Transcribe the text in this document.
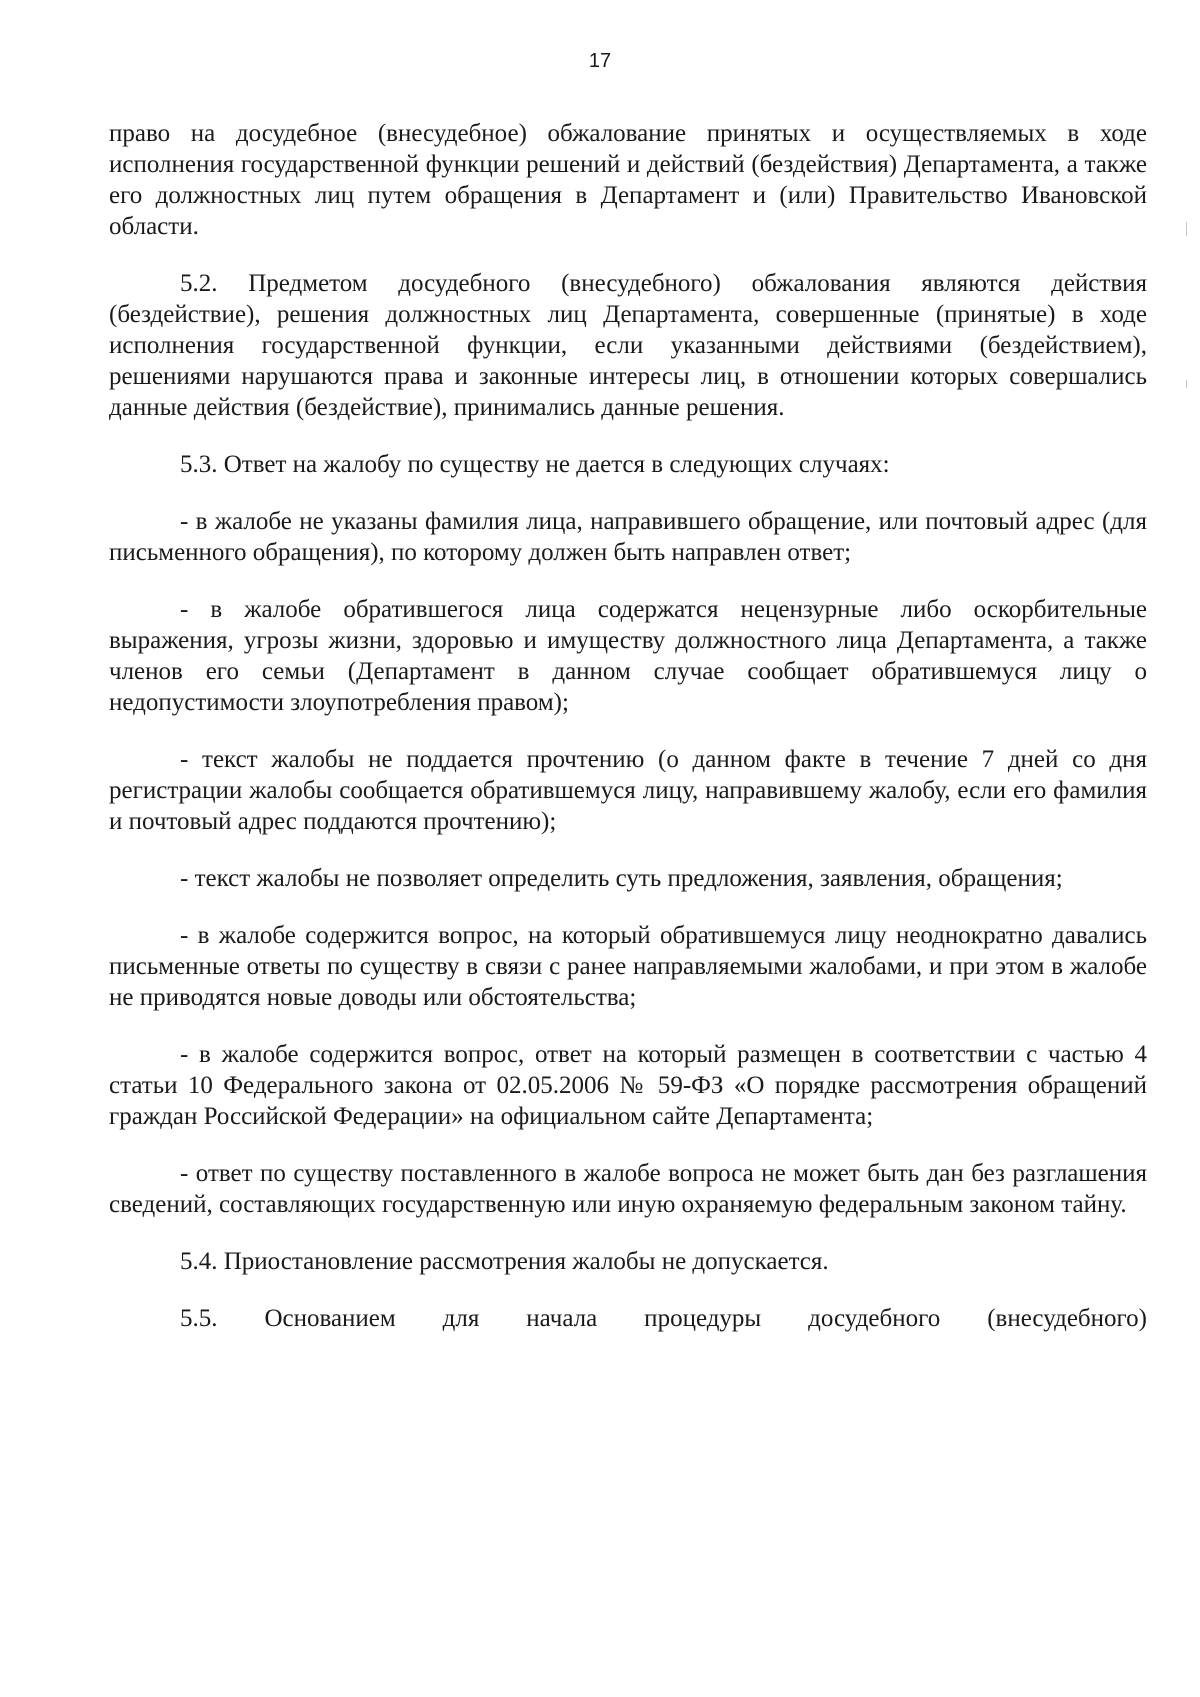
17

право на досудебное (внесудебное) обжалование принятых и осуществляемых в ходе исполнения государственной функции решений и действий (бездействия) Департамента, а также его должностных лиц путем обращения в Департамент и (или) Правительство Ивановской области.

5.2. Предметом досудебного (внесудебного) обжалования являются действия (бездействие), решения должностных лиц Департамента, совершенные (принятые) в ходе исполнения государственной функции, если указанными действиями (бездействием), решениями нарушаются права и законные интересы лиц, в отношении которых совершались данные действия (бездействие), принимались данные решения.

5.3. Ответ на жалобу по существу не дается в следующих случаях:

- в жалобе не указаны фамилия лица, направившего обращение, или почтовый адрес (для письменного обращения), по которому должен быть направлен ответ;

- в жалобе обратившегося лица содержатся нецензурные либо оскорбительные выражения, угрозы жизни, здоровью и имуществу должностного лица Департамента, а также членов его семьи (Департамент в данном случае сообщает обратившемуся лицу о недопустимости злоупотребления правом);

- текст жалобы не поддается прочтению (о данном факте в течение 7 дней со дня регистрации жалобы сообщается обратившемуся лицу, направившему жалобу, если его фамилия и почтовый адрес поддаются прочтению);

- текст жалобы не позволяет определить суть предложения, заявления, обращения;

- в жалобе содержится вопрос, на который обратившемуся лицу неоднократно давались письменные ответы по существу в связи с ранее направляемыми жалобами, и при этом в жалобе не приводятся новые доводы или обстоятельства;

- в жалобе содержится вопрос, ответ на который размещен в соответствии с частью 4 статьи 10 Федерального закона от 02.05.2006 № 59-ФЗ «О порядке рассмотрения обращений граждан Российской Федерации» на официальном сайте Департамента;

- ответ по существу поставленного в жалобе вопроса не может быть дан без разглашения сведений, составляющих государственную или иную охраняемую федеральным законом тайну.

5.4. Приостановление рассмотрения жалобы не допускается.

5.5. Основанием для начала процедуры досудебного (внесудебного)
